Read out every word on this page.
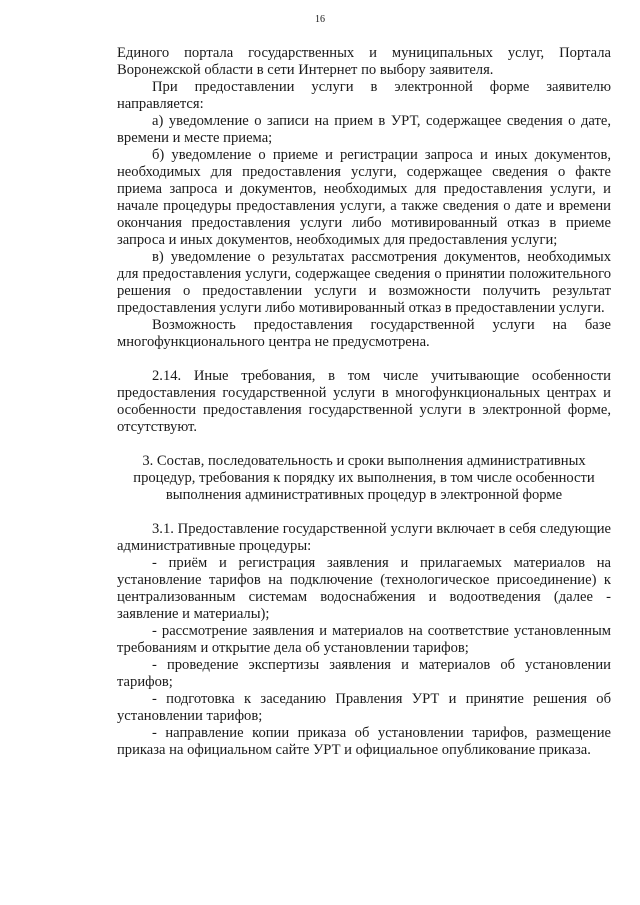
16

Единого портала государственных и муниципальных услуг, Портала Воронежской области в сети Интернет по выбору заявителя.

При предоставлении услуги в электронной форме заявителю направляется:

а) уведомление о записи на прием в УРТ, содержащее сведения о дате, времени и месте приема;

б) уведомление о приеме и регистрации запроса и иных документов, необходимых для предоставления услуги, содержащее сведения о факте приема запроса и документов, необходимых для предоставления услуги, и начале процедуры предоставления услуги, а также сведения о дате и времени окончания предоставления услуги либо мотивированный отказ в приеме запроса и иных документов, необходимых для предоставления услуги;

в) уведомление о результатах рассмотрения документов, необходимых для предоставления услуги, содержащее сведения о принятии положительного решения о предоставлении услуги и возможности получить результат предоставления услуги либо мотивированный отказ в предоставлении услуги.

Возможность предоставления государственной услуги на базе многофункционального центра не предусмотрена.

2.14. Иные требования, в том числе учитывающие особенности предоставления государственной услуги в многофункциональных центрах и особенности предоставления государственной услуги в электронной форме, отсутствуют.

3. Состав, последовательность и сроки выполнения административных процедур, требования к порядку их выполнения, в том числе особенности выполнения административных процедур в электронной форме

3.1. Предоставление государственной услуги включает в себя следующие административные процедуры:

- приём и регистрация заявления и прилагаемых материалов на установление тарифов на подключение (технологическое присоединение) к централизованным системам водоснабжения и водоотведения (далее - заявление и материалы);

- рассмотрение заявления и материалов на соответствие установленным требованиям и открытие дела об установлении тарифов;

- проведение экспертизы заявления и материалов об установлении тарифов;

- подготовка к заседанию Правления УРТ и принятие решения об установлении тарифов;

- направление копии приказа об установлении тарифов, размещение приказа на официальном сайте УРТ и официальное опубликование приказа.
